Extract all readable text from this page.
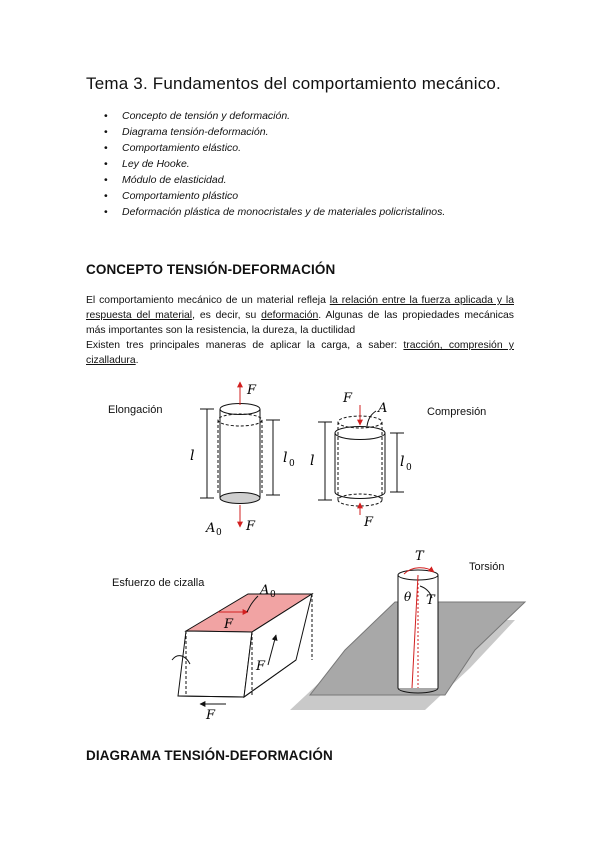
Tema 3. Fundamentos del comportamiento mecánico.
• Concepto de tensión y deformación.
• Diagrama tensión-deformación.
• Comportamiento elástico.
• Ley de Hooke.
• Módulo de elasticidad.
• Comportamiento plástico
• Deformación plástica de monocristales y de materiales policristalinos.
CONCEPTO TENSIÓN-DEFORMACIÓN
El comportamiento mecánico de un material refleja la relación entre la fuerza aplicada y la respuesta del material, es decir, su deformación. Algunas de las propiedades mecánicas más importantes son la resistencia, la dureza, la ductilidad
Existen tres principales maneras de aplicar la carga, a saber: tracción, compresión y cizalladura.
F
F
A 0
l	l 0
F
A
F
l	l 0
F
F
F
A 0
T
T
θ
Elongación	Compresión
Esfuerzo de cizalla
Torsión
DIAGRAMA TENSIÓN-DEFORMACIÓN
